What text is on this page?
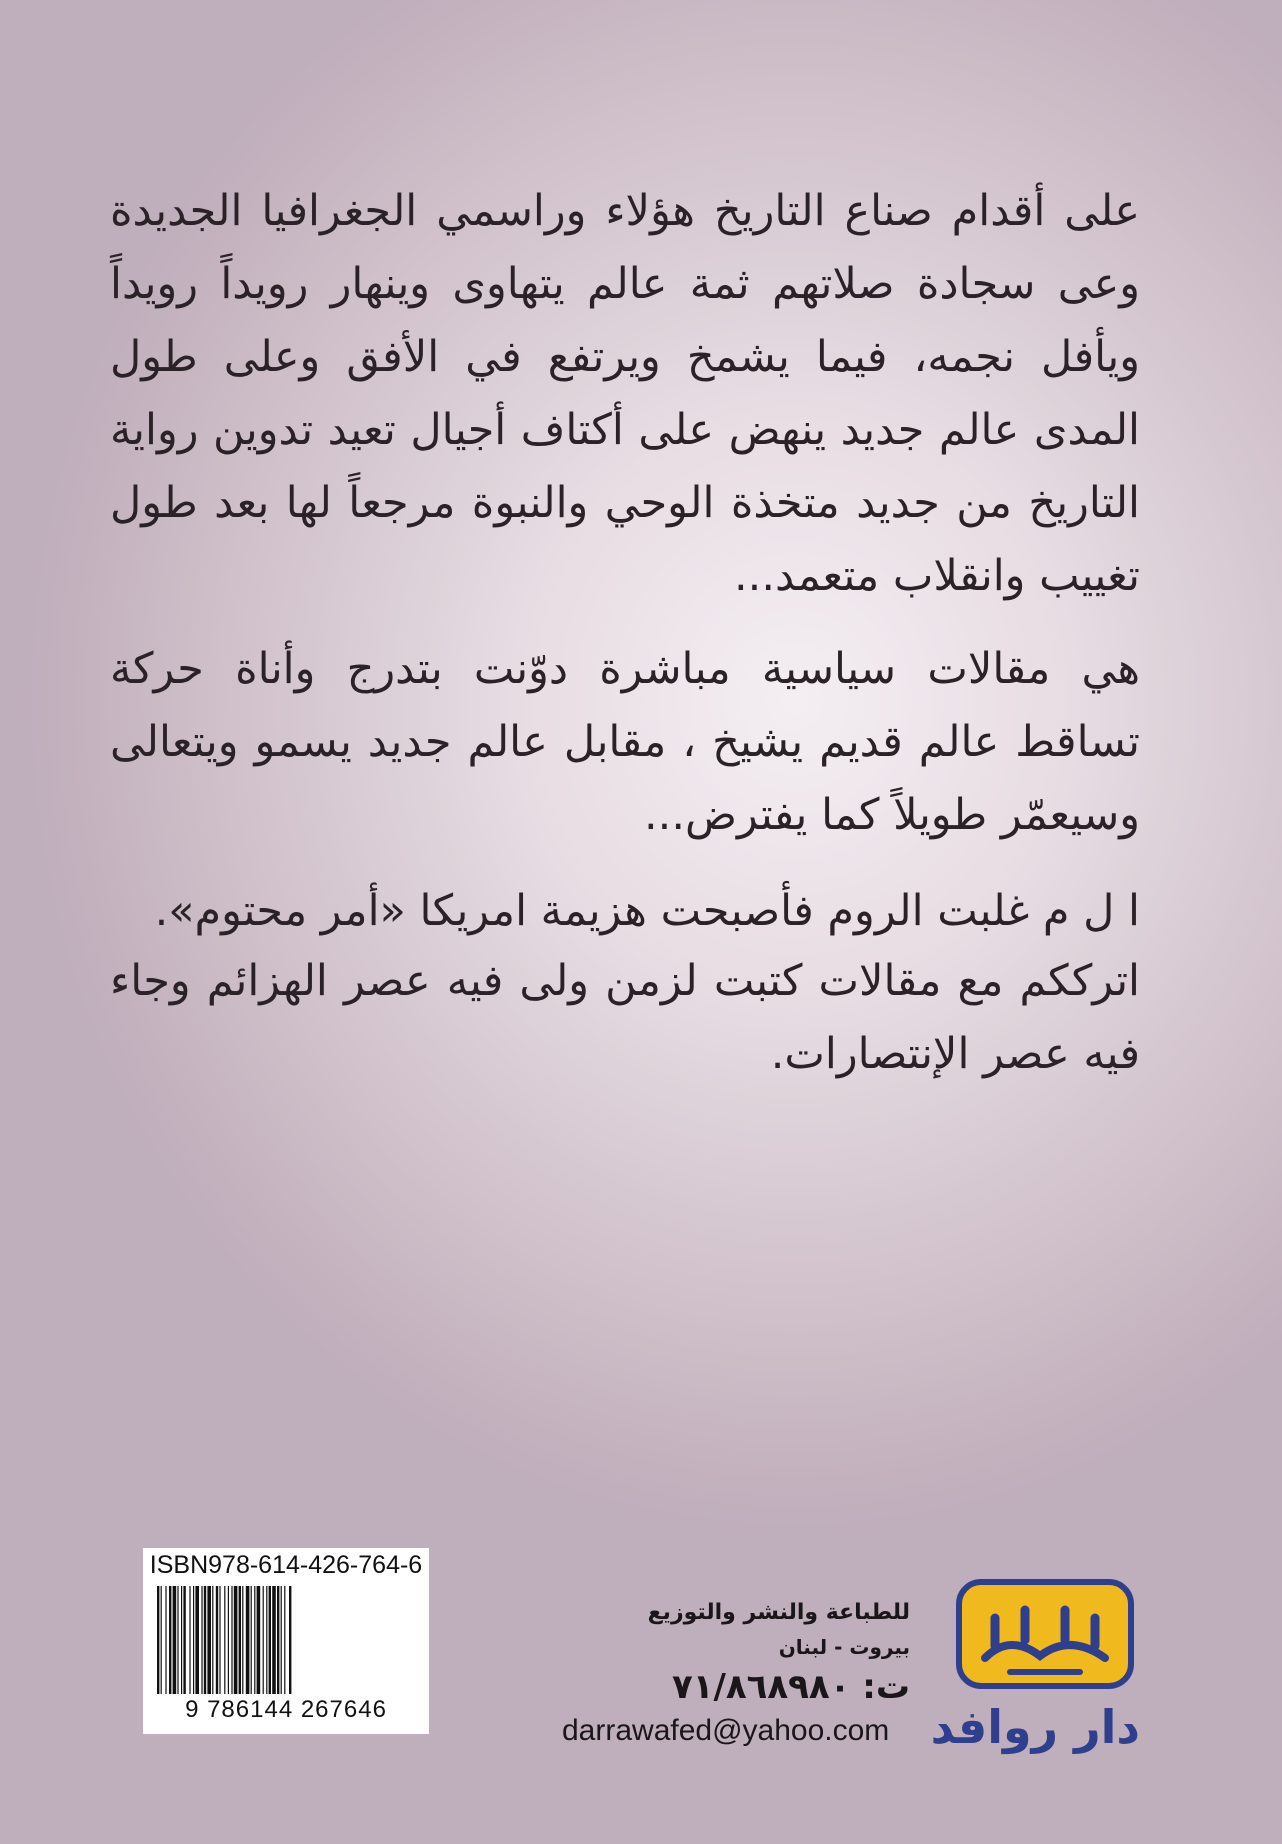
على أقدام صناع التاريخ هؤلاء وراسمي الجغرافيا الجديدة وعى سجادة صلاتهم ثمة عالم يتهاوى وينهار رويداً رويداً ويأفل نجمه، فيما يشمخ ويرتفع في الأفق وعلى طول المدى عالم جديد ينهض على أكتاف أجيال تعيد تدوين رواية التاريخ من جديد متخذة الوحي والنبوة مرجعاً لها بعد طول تغييب وانقلاب متعمد...

هي مقالات سياسية مباشرة دوّنت بتدرج وأناة حركة تساقط عالم قديم يشيخ ، مقابل عالم جديد يسمو ويتعالى وسيعمّر طويلاً كما يفترض...

ا ل م غلبت الروم فأصبحت هزيمة امريكا «أمر محتوم».

اترككم مع مقالات كتبت لزمن ولى فيه عصر الهزائم وجاء فيه عصر الإنتصارات.

ISBN978-614-426-764-6
9 786144 267646
للطباعة والنشر والتوزيع
بيروت - لبنان
ت: ٧١/٨٦٨٩٨٠
darrawafed@yahoo.com دار روافد
